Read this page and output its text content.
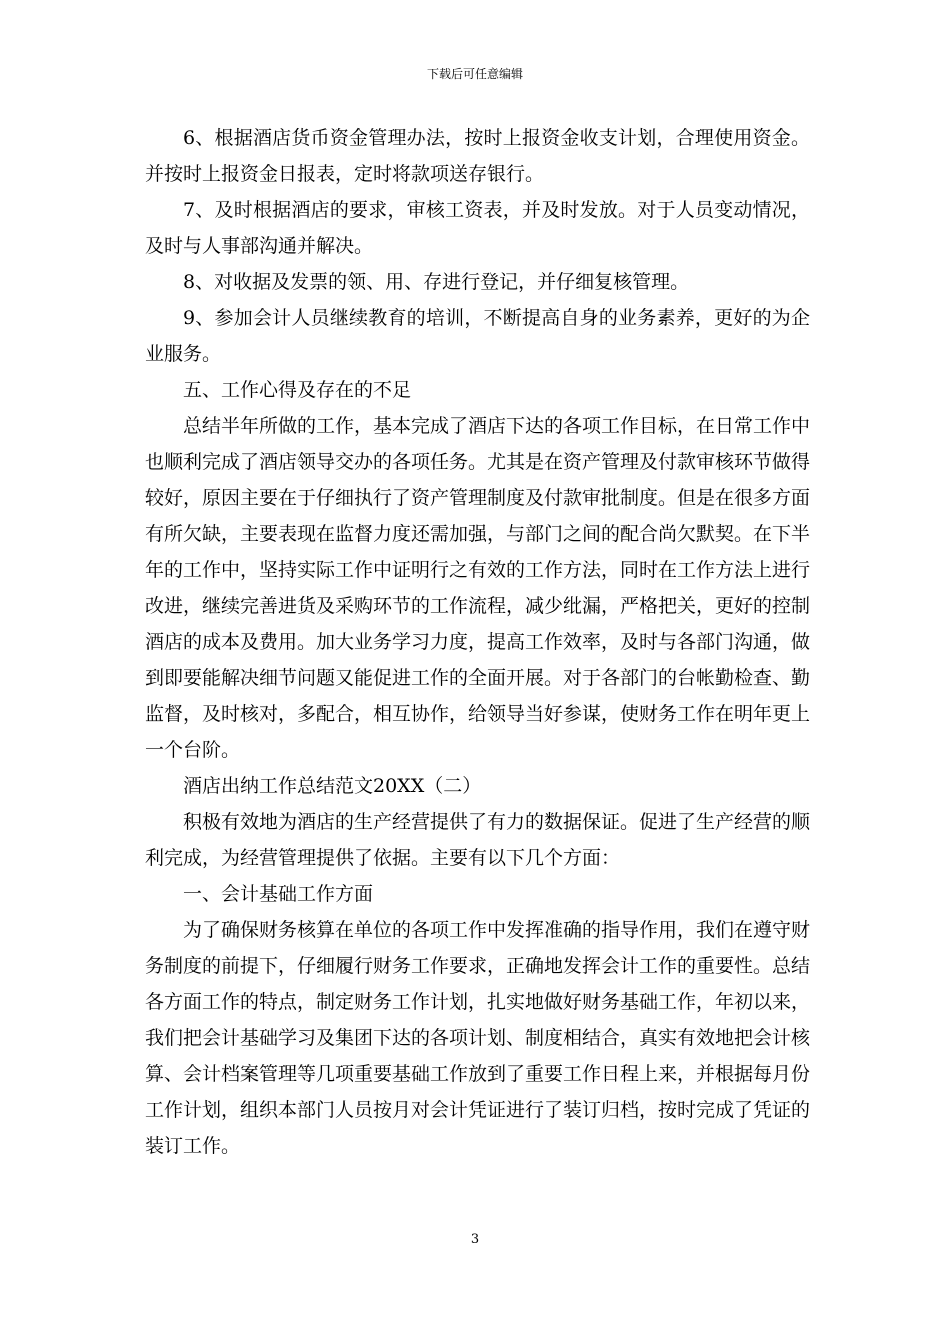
下载后可任意编辑

6、根据酒店货币资金管理办法，按时上报资金收支计划，合理使用资金。并按时上报资金日报表，定时将款项送存银行。

7、及时根据酒店的要求，审核工资表，并及时发放。对于人员变动情况，及时与人事部沟通并解决。

8、对收据及发票的领、用、存进行登记，并仔细复核管理。

9、参加会计人员继续教育的培训，不断提高自身的业务素养，更好的为企业服务。

五、工作心得及存在的不足

总结半年所做的工作，基本完成了酒店下达的各项工作目标，在日常工作中也顺利完成了酒店领导交办的各项任务。尤其是在资产管理及付款审核环节做得较好，原因主要在于仔细执行了资产管理制度及付款审批制度。但是在很多方面有所欠缺，主要表现在监督力度还需加强，与部门之间的配合尚欠默契。在下半年的工作中，坚持实际工作中证明行之有效的工作方法，同时在工作方法上进行改进，继续完善进货及采购环节的工作流程，减少纰漏，严格把关，更好的控制酒店的成本及费用。加大业务学习力度，提高工作效率，及时与各部门沟通，做到即要能解决细节问题又能促进工作的全面开展。对于各部门的台帐勤检查、勤监督，及时核对，多配合，相互协作，给领导当好参谋，使财务工作在明年更上一个台阶。

酒店出纳工作总结范文20XX（二）

积极有效地为酒店的生产经营提供了有力的数据保证。促进了生产经营的顺利完成，为经营管理提供了依据。主要有以下几个方面：

一、会计基础工作方面

为了确保财务核算在单位的各项工作中发挥准确的指导作用，我们在遵守财务制度的前提下，仔细履行财务工作要求，正确地发挥会计工作的重要性。总结各方面工作的特点，制定财务工作计划，扎实地做好财务基础工作，年初以来，我们把会计基础学习及集团下达的各项计划、制度相结合，真实有效地把会计核算、会计档案管理等几项重要基础工作放到了重要工作日程上来，并根据每月份工作计划，组织本部门人员按月对会计凭证进行了装订归档，按时完成了凭证的装订工作。

3
